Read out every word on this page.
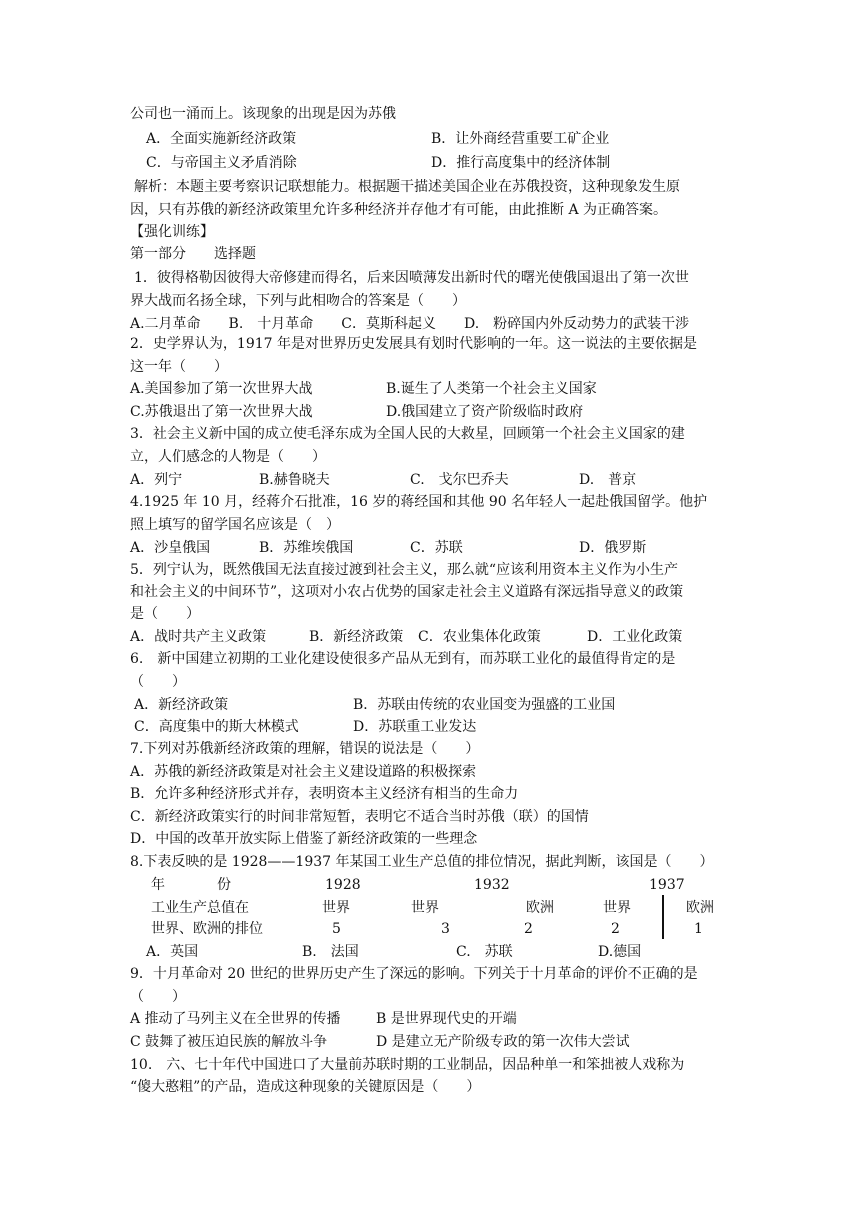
公司也一涌而上。该现象的出现是因为苏俄
A．全面实施新经济政策	B．让外商经营重要工矿企业
C．与帝国主义矛盾消除	D．推行高度集中的经济体制
解析：本题主要考察识记联想能力。根据题干描述美国企业在苏俄投资，这种现象发生原
因，只有苏俄的新经济政策里允许多种经济并存他才有可能，由此推断 A 为正确答案。
【强化训练】
第一部分　　选择题
1．彼得格勒因彼得大帝修建而得名，后来因喷薄发出新时代的曙光使俄国退出了第一次世
界大战而名扬全球，下列与此相吻合的答案是（　　）
A.二月革命　　B.　十月革命　　C．莫斯科起义　　D.　粉碎国内外反动势力的武装干涉
2．史学界认为，1917 年是对世界历史发展具有划时代影响的一年。这一说法的主要依据是
这一年（　　）
A.美国参加了第一次世界大战	B.诞生了人类第一个社会主义国家
C.苏俄退出了第一次世界大战	D.俄国建立了资产阶级临时政府
3．社会主义新中国的成立使毛泽东成为全国人民的大救星，回顾第一个社会主义国家的建
立，人们感念的人物是（　　）
A．列宁	B.赫鲁晓夫	C.　戈尔巴乔夫	D.　普京
4.1925 年 10 月，经蒋介石批准，16 岁的蒋经国和其他 90 名年轻人一起赴俄国留学。他护
照上填写的留学国名应该是（　）
A．沙皇俄国	B．苏维埃俄国	C．苏联	D．俄罗斯
5．列宁认为，既然俄国无法直接过渡到社会主义，那么就“应该利用资本主义作为小生产
和社会主义的中间环节”，这项对小农占优势的国家走社会主义道路有深远指导意义的政策
是（　　）
A．战时共产主义政策	B．新经济政策 C．农业集体化政策	D．工业化政策
6.　新中国建立初期的工业化建设使很多产品从无到有，而苏联工业化的最值得肯定的是
（　　）
A．新经济政策	B．苏联由传统的农业国变为强盛的工业国
C．高度集中的斯大林模式	D．苏联重工业发达
7.下列对苏俄新经济政策的理解，错误的说法是（　　）
A．苏俄的新经济政策是对社会主义建设道路的积极探索
B．允许多种经济形式并存，表明资本主义经济有相当的生命力
C．新经济政策实行的时间非常短暂，表明它不适合当时苏俄（联）的国情
D．中国的改革开放实际上借鉴了新经济政策的一些理念
8.下表反映的是 1928——1937 年某国工业生产总值的排位情况，据此判断，该国是（　　）
年	份	1928	1932	1937
工业生产总值在	世界	世界	欧洲	世界	欧洲
世界、欧洲的排位	5	3	2	2	1
A．英国	B.　法国	C.　苏联	D.德国
9．十月革命对 20 世纪的世界历史产生了深远的影响。下列关于十月革命的评价不正确的是
（　　）
A 推动了马列主义在全世界的传播	B 是世界现代史的开端
C 鼓舞了被压迫民族的解放斗争	D 是建立无产阶级专政的第一次伟大尝试
10.　六、七十年代中国进口了大量前苏联时期的工业制品，因品种单一和笨拙被人戏称为
“傻大憨粗”的产品，造成这种现象的关键原因是（　　）
